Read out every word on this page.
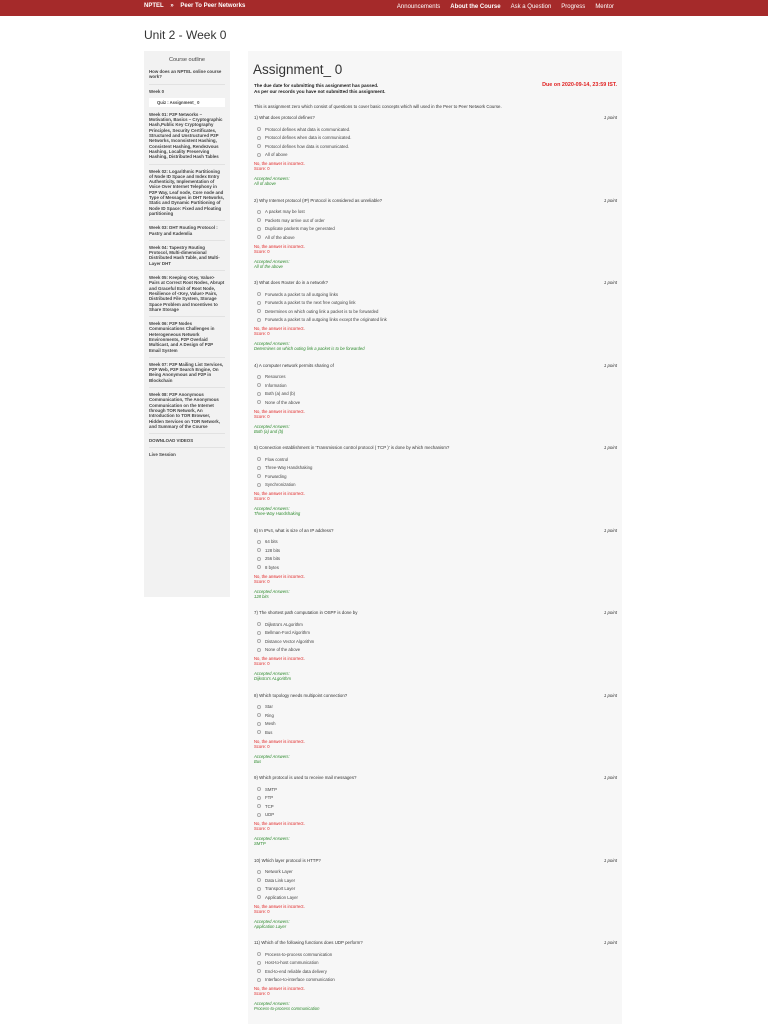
NPTEL » Peer To Peer Networks	Announcements About the Course Ask a Question Progress Mentor
Unit 2 - Week 0
Course outline
How does an NPTEL online course work?
Week 0
Quiz : Assignment_ 0
Week 01: P2P Networks – Motivation, Basics – Cryptographic Hash,Public Key Cryptography Principles, Security Certificates, Structured and Unstructured P2P Networks, Inconsistent Hashing, Consistent Hashing, Rendezvous Hashing, Locality Preserving Hashing, Distributed Hash Tables
Week 02: Logarithmic Partitioning of Node ID Space and Index Entry Authenticity, Implementation of Voice Over Internet Telephony in P2P Way, Leaf node, Core node and Type of Messages in DHT Networks, Static and Dynamic Partitioning of Node ID Space: Fixed and Floating partitioning
Week 03: DHT Routing Protocol : Pastry and Kademlia
Week 04: Tapestry Routing Protocol, Multi-dimensional Distributed Hash Table, and Multi-Layer DHT
Week 05: Keeping <Key, Value> Pairs at Correct Root Nodes, Abrupt and Graceful Exit of Root Node, Resilience of <Key, Value> Pairs, Distributed File System, Storage Space Problem and Incentives to Share Storage
Week 06: P2P Nodes Communications Challenges in Heterogeneous Network Environments, P2P Overlaid Multicast, and A Design of P2P Email System
Week 07: P2P Mailing List Services, P2P Web, P2P Search Engine, On Being Anonymous and P2P in Blockchain
Week 08: P2P Anonymous Communication, The Anonymous Communication on the Internet through TOR Network, An Introduction to TOR Browser, Hidden Services on TOR Network, and Summary of the Course
DOWNLOAD VIDEOS
Live Session
Assignment_ 0
The due date for submitting this assignment has passed.
As per our records you have not submitted this assignment.
Due on 2020-09-14, 23:59 IST.
This is assignment zero which consist of questions to cover basic concepts which will used in the Peer to Peer Network Course.
1) What does protocol defines?	1 point
Protocol defines what data is communicated.
Protocol defines when data is communicated.
Protocol defines how data is communicated.
All of above
No, the answer is incorrect.
Score: 0
Accepted Answers:
All of above
2) Why Internet protocol (IP) Protocol is considered as unreliable?	1 point
A packet may be lost
Packets may arrive out of order
Duplicate packets may be generated
All of the above
No, the answer is incorrect.
Score: 0
Accepted Answers:
All of the above
3) What does Router do in a network?	1 point
Forwards a packet to all outgoing links
Forwards a packet to the next free outgoing link
Determines on which outing link a packet is to be forwarded
Forwards a packet to all outgoing links except the originated link
No, the answer is incorrect.
Score: 0
Accepted Answers:
Determines on which outing link a packet is to be forwarded
4) A computer network permits sharing of	1 point
Resources
Information
Both (a) and (b)
None of the above
No, the answer is incorrect.
Score: 0
Accepted Answers:
Both (a) and (b)
5) Connection establishment in 'Transmission control protocol ( TCP )' is done by which mechanism?	1 point
Flow control
Three-Way Handshaking
Forwarding
Synchronization
No, the answer is incorrect.
Score: 0
Accepted Answers:
Three-Way Handshaking
6) In IPv4, what is size of an IP address?	1 point
64 bits
128 bits
256 bits
8 bytes
No, the answer is incorrect.
Score: 0
Accepted Answers:
128 bits
7) The shortest path computation in OSPF is done by	1 point
Dijkstra's ALgorithm
Bellman-Ford Algorithm
Distance Vector Algorithm
None of the above
No, the answer is incorrect.
Score: 0
Accepted Answers:
Dijkstra's ALgorithm
8) Which topology needs multipoint connection?	1 point
Star
Ring
Mesh
Bus
No, the answer is incorrect.
Score: 0
Accepted Answers:
Bus
9) Which protocol is used to receive mail messages?	1 point
SMTP
FTP
TCP
UDP
No, the answer is incorrect.
Score: 0
Accepted Answers:
SMTP
10) Which layer protocol is HTTP?	1 point
Network Layer
Data Link Layer
Transport Layer
Application Layer
No, the answer is incorrect.
Score: 0
Accepted Answers:
Application Layer
11) Which of the following functions does UDP perform?	1 point
Process-to-process communication
Host-to-host communication
End-to-end reliable data delivery
Interface-to-interface communication
No, the answer is incorrect.
Score: 0
Accepted Answers:
Process-to-process communication
